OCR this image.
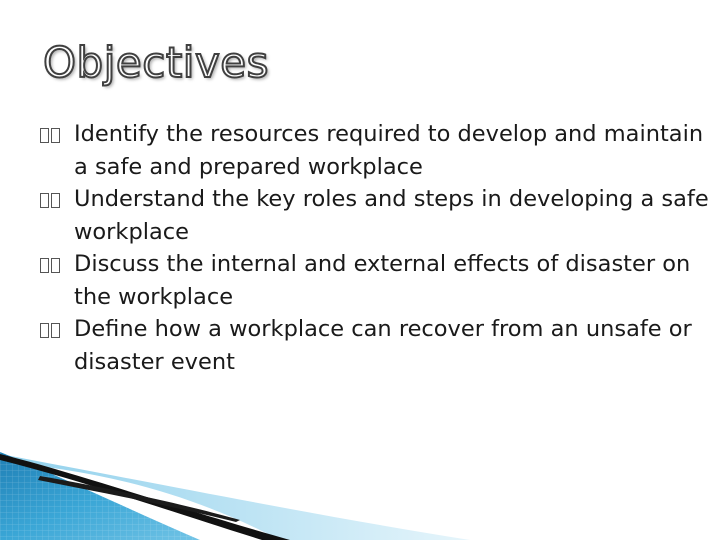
Objectives
Identify the resources required to develop and maintain a safe and prepared workplace
Understand the key roles and steps in developing a safe workplace
Discuss the internal and external effects of disaster on the workplace
Define how a workplace can recover from an unsafe or disaster event
